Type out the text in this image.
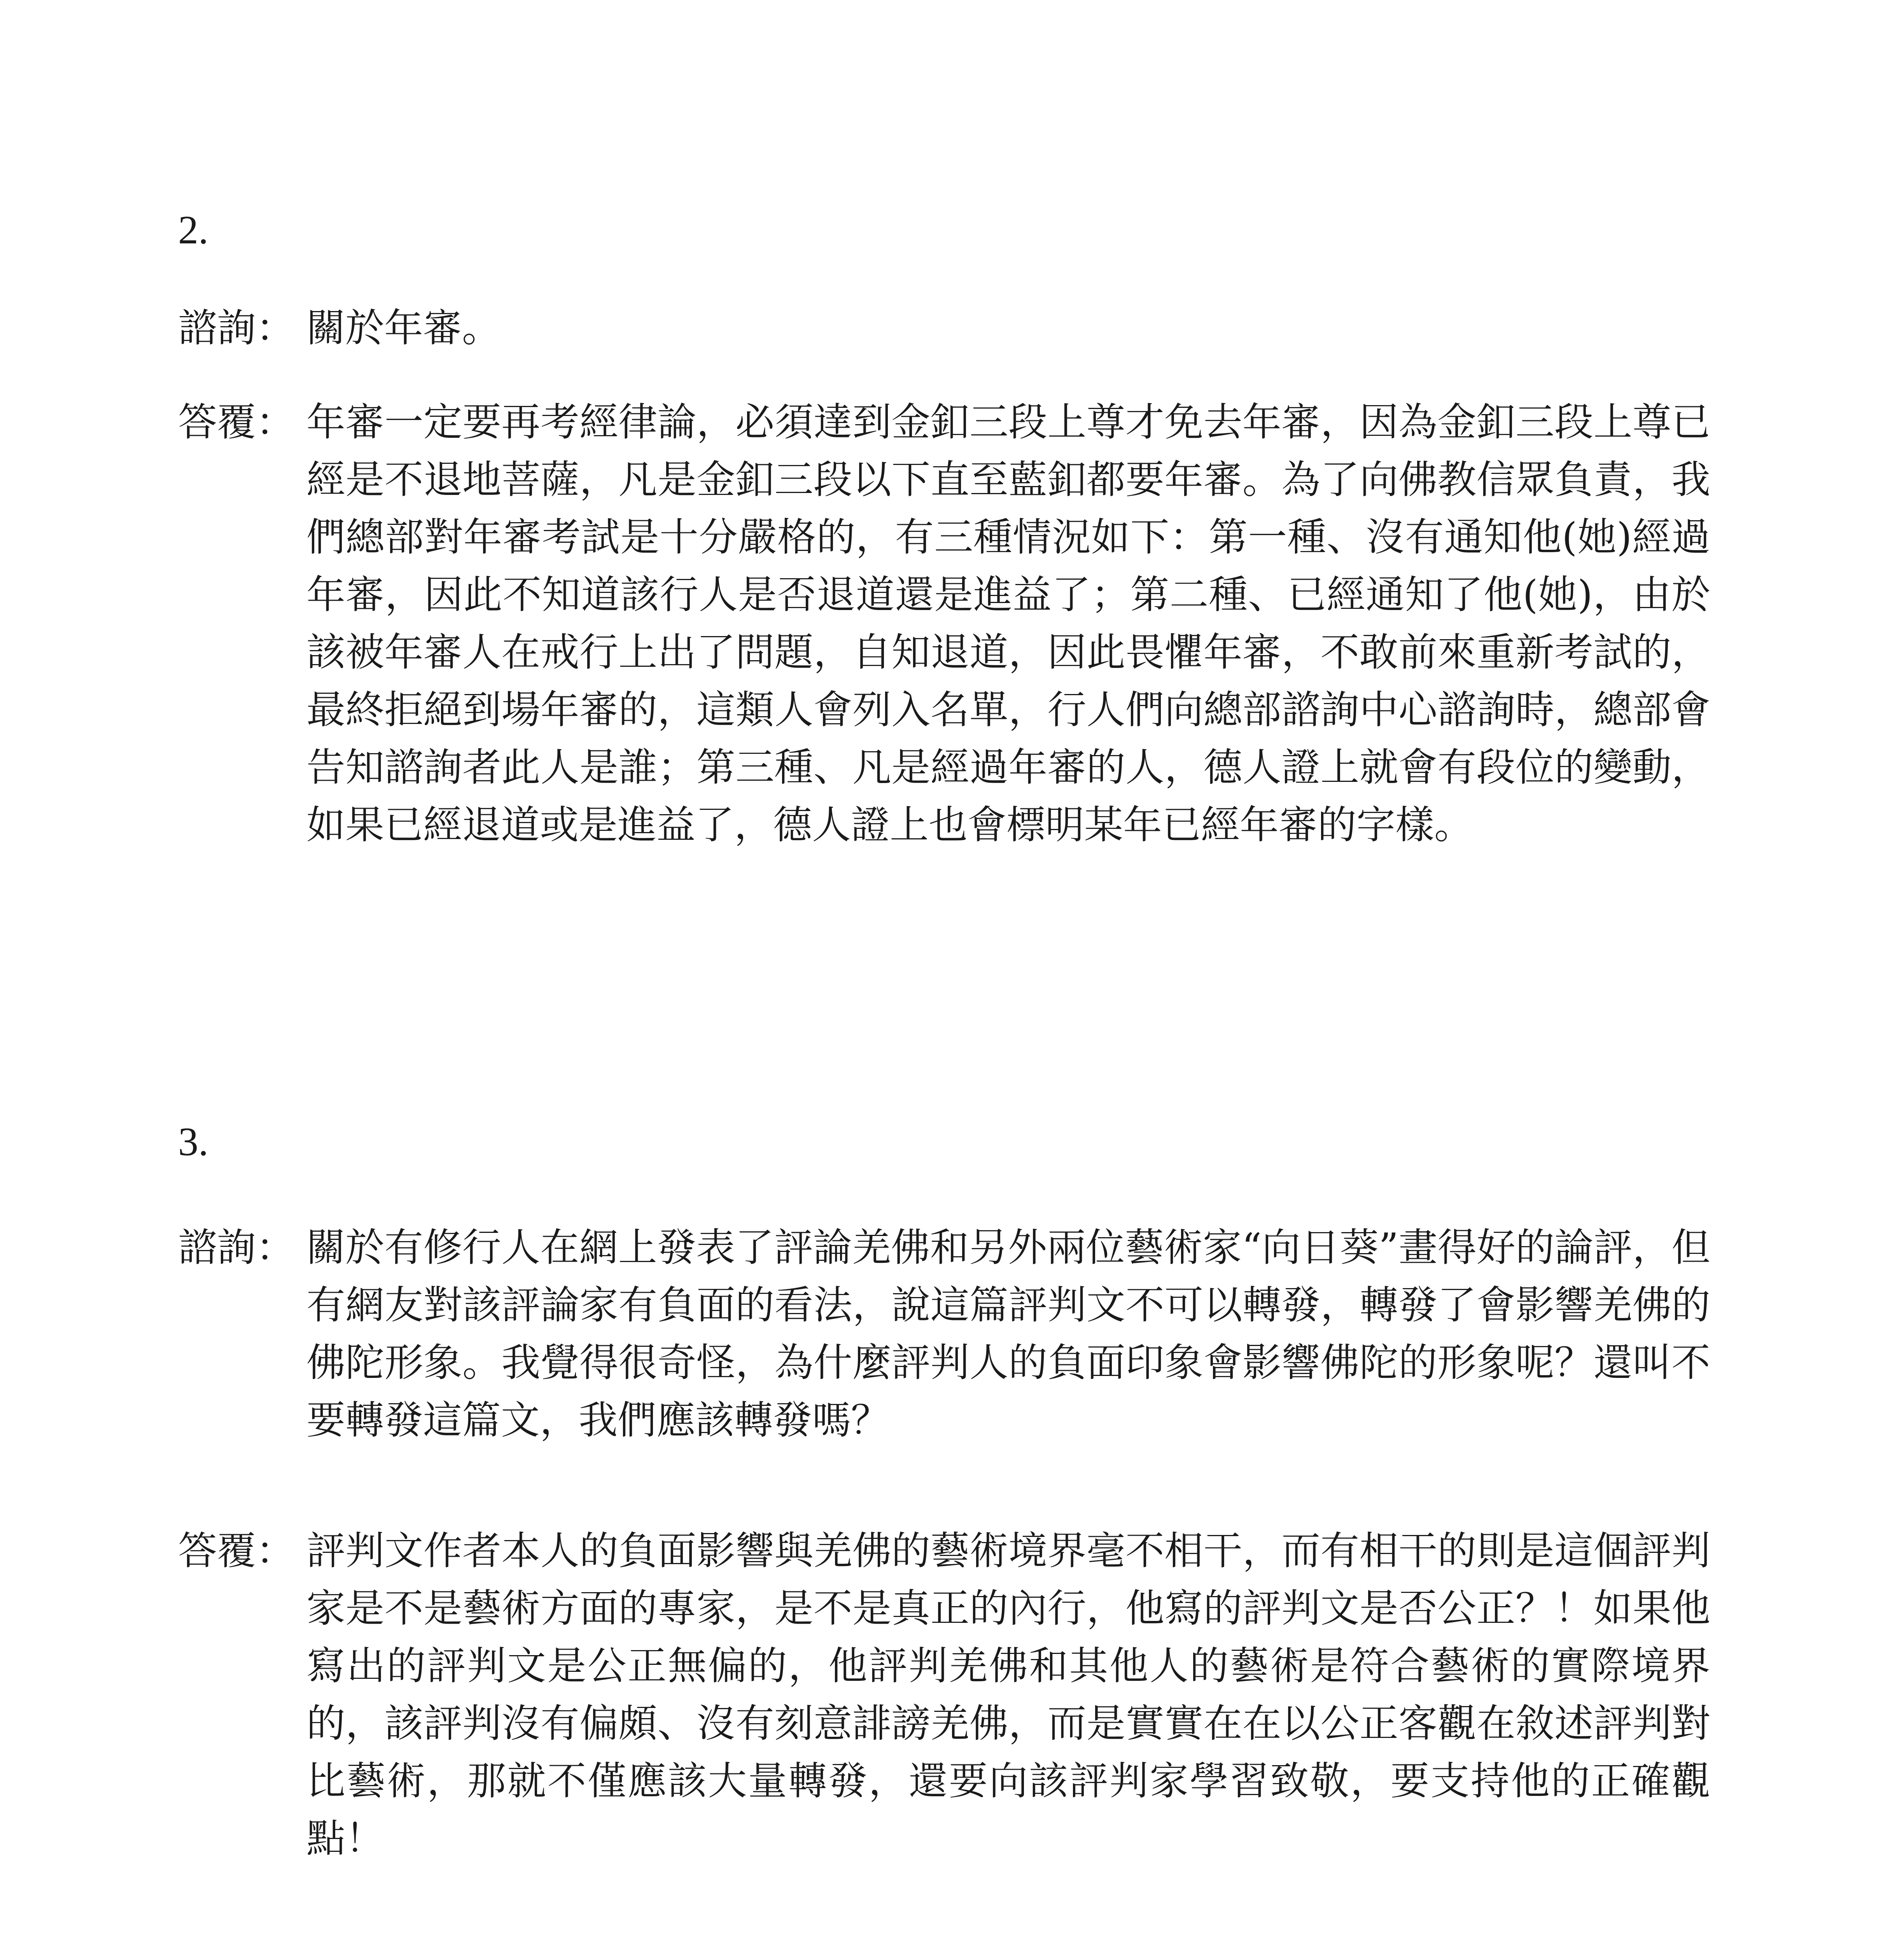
2.
諮詢： 關於年審。
答覆： 年審一定要再考經律論，必須達到金釦三段上尊才免去年審，因為金釦三段上尊已經是不退地菩薩，凡是金釦三段以下直至藍釦都要年審。為了向佛教信眾負責，我們總部對年審考試是十分嚴格的，有三種情況如下：第一種、沒有通知他(她)經過年審，因此不知道該行人是否退道還是進益了；第二種、已經通知了他(她)，由於該被年審人在戒行上出了問題，自知退道，因此畏懼年審，不敢前來重新考試的，最終拒絕到場年審的，這類人會列入名單，行人們向總部諮詢中心諮詢時，總部會告知諮詢者此人是誰；第三種、凡是經過年審的人，德人證上就會有段位的變動，如果已經退道或是進益了，德人證上也會標明某年已經年審的字樣。
3.
諮詢： 關於有修行人在網上發表了評論羌佛和另外兩位藝術家“向日葵”畫得好的論評，但有網友對該評論家有負面的看法，說這篇評判文不可以轉發，轉發了會影響羌佛的佛陀形象。我覺得很奇怪，為什麼評判人的負面印象會影響佛陀的形象呢？還叫不要轉發這篇文，我們應該轉發嗎？
答覆： 評判文作者本人的負面影響與羌佛的藝術境界毫不相干，而有相干的則是這個評判家是不是藝術方面的專家，是不是真正的內行，他寫的評判文是否公正？！如果他寫出的評判文是公正無偏的，他評判羌佛和其他人的藝術是符合藝術的實際境界的，該評判沒有偏頗、沒有刻意誹謗羌佛，而是實實在在以公正客觀在敘述評判對比藝術，那就不僅應該大量轉發，還要向該評判家學習致敬，要支持他的正確觀點！
